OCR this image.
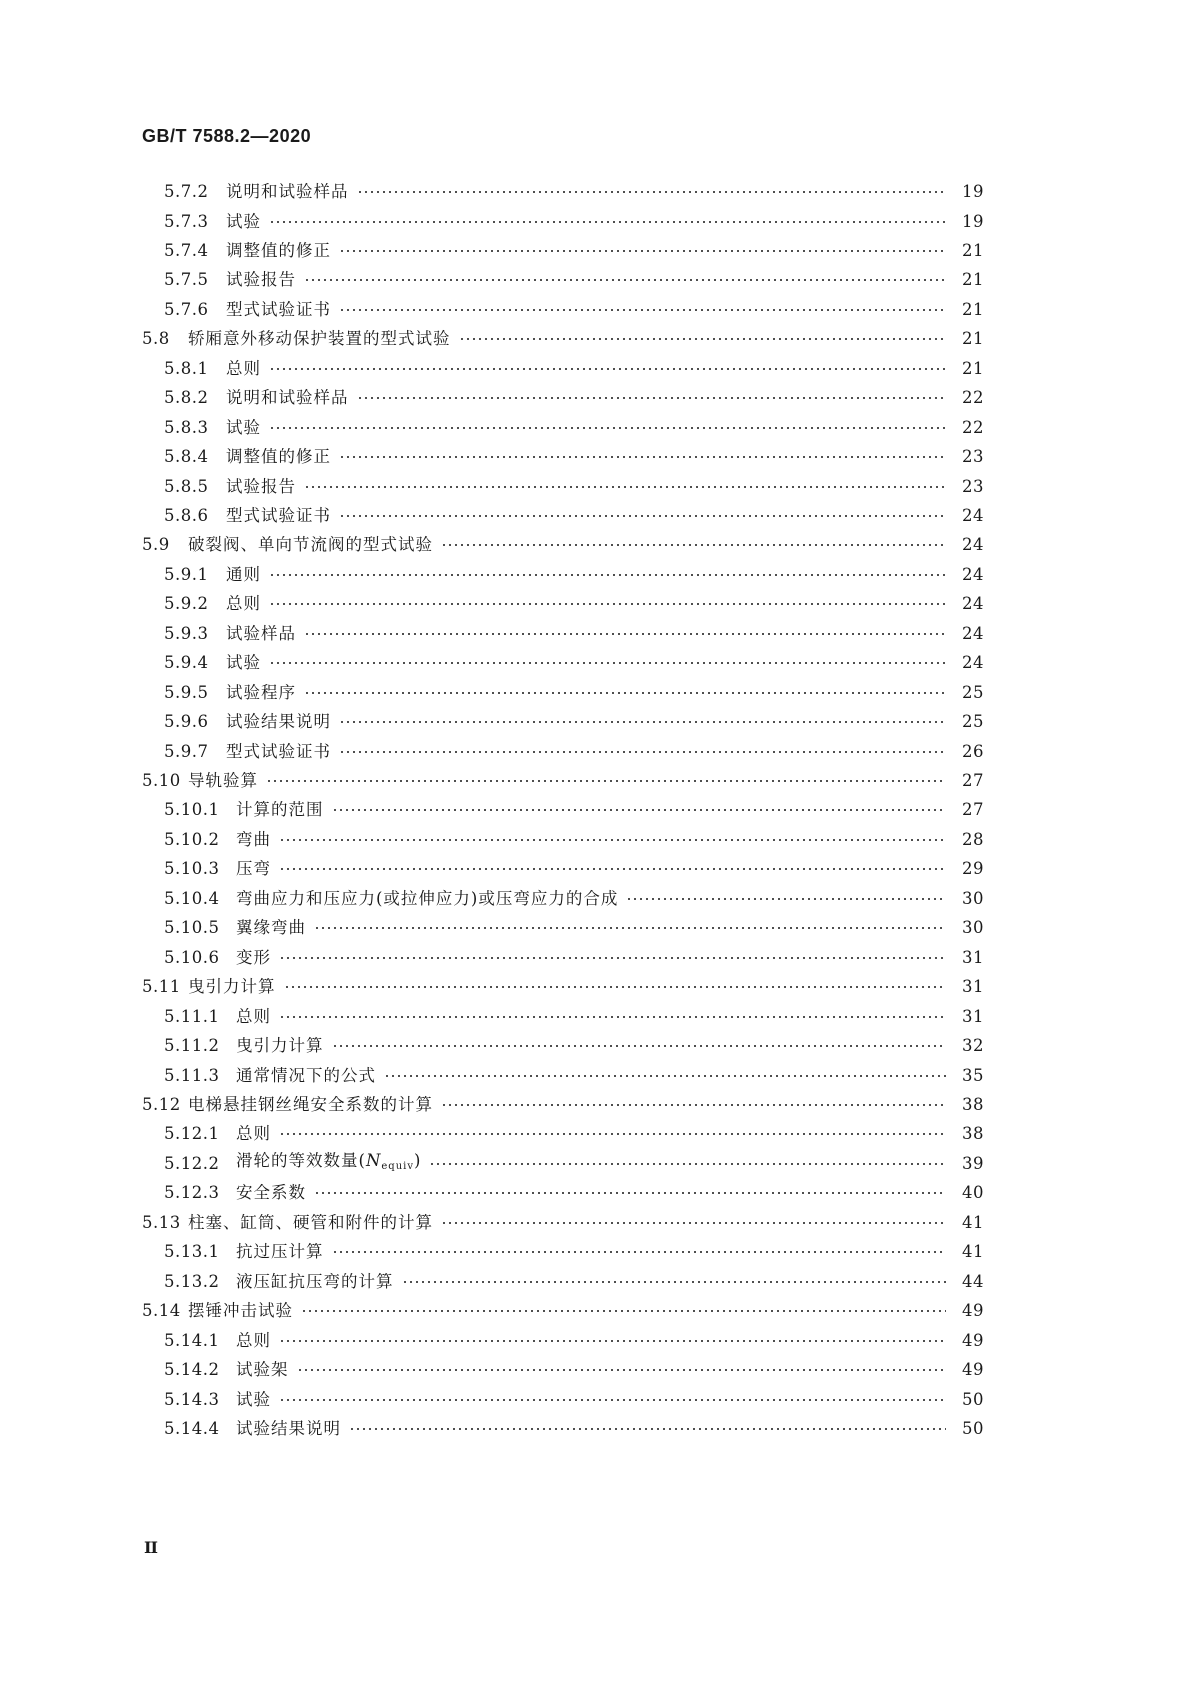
GB/T 7588.2—2020
5.7.2	说明和试验样品	19
5.7.3	试验	19
5.7.4	调整值的修正	21
5.7.5	试验报告	21
5.7.6	型式试验证书	21
5.8	轿厢意外移动保护装置的型式试验	21
5.8.1	总则	21
5.8.2	说明和试验样品	22
5.8.3	试验	22
5.8.4	调整值的修正	23
5.8.5	试验报告	23
5.8.6	型式试验证书	24
5.9	破裂阀、单向节流阀的型式试验	24
5.9.1	通则	24
5.9.2	总则	24
5.9.3	试验样品	24
5.9.4	试验	24
5.9.5	试验程序	25
5.9.6	试验结果说明	25
5.9.7	型式试验证书	26
5.10 导轨验算	27
5.10.1	计算的范围	27
5.10.2	弯曲	28
5.10.3	压弯	29
5.10.4	弯曲应力和压应力(或拉伸应力)或压弯应力的合成	30
5.10.5	翼缘弯曲	30
5.10.6	变形	31
5.11 曳引力计算	31
5.11.1	总则	31
5.11.2	曳引力计算	32
5.11.3	通常情况下的公式	35
5.12 电梯悬挂钢丝绳安全系数的计算	38
5.12.1	总则	38
5.12.2	滑轮的等效数量$(N_{equiv})$	39
5.12.3	安全系数	40
5.13 柱塞、缸筒、硬管和附件的计算	41
5.13.1	抗过压计算	41
5.13.2	液压缸抗压弯的计算	44
5.14 摆锤冲击试验	49
5.14.1	总则	49
5.14.2	试验架	49
5.14.3	试验	50
5.14.4	试验结果说明	50
II
